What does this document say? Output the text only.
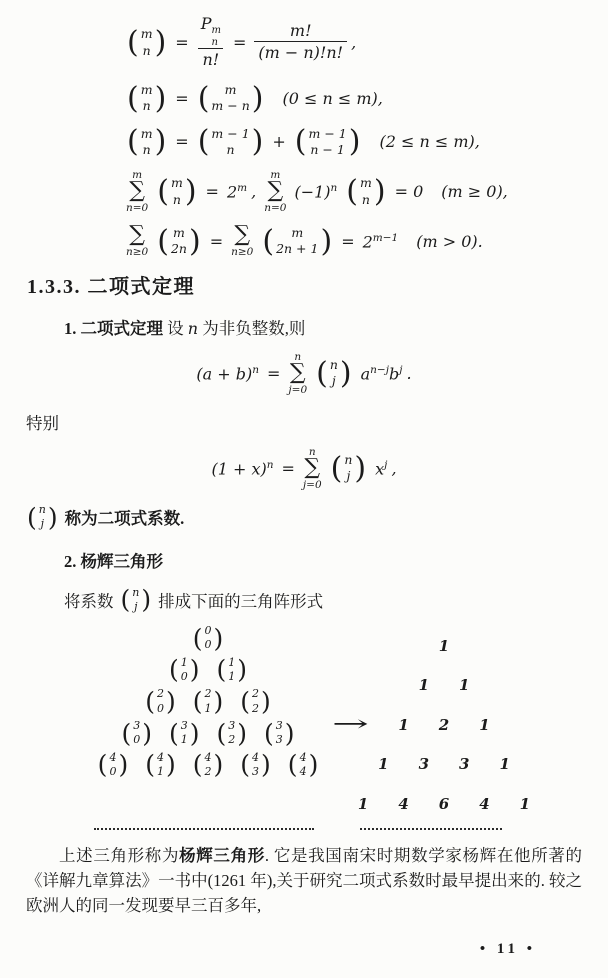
( m
n ) = P m
n
n! = $\frac{m!}{(m - n)!n!}$ ,
( m
n ) = ( m
m − n ) (0 ≤ n ≤ m),
( m
n ) = ( m − 1
n ) + ( m − 1
n − 1 ) (2 ≤ n ≤ m),
m
∑
n=0 ( m
n ) = $2^m$ ,
m
∑
n=0
$(-1)^n$ ( m
n ) = 0 (m ≥ 0),
∑
n≥0 ( m
2n ) = ∑
n≥0 ( m
2n + 1 ) = $2^{m-1}$ (m > 0).
1.3.3. 二项式定理
1. 二项式定理 设 n 为非负整数,则
$(a + b)^n$ =
n
∑
j=0 ( n
j ) $a^{n-j}b^j$ .
特别
$(1 + x)^n$ =
n
∑
j=0 ( n
j ) $x^j$ ,
( n
j ) 称为二项式系数.
2. 杨辉三角形
将系数 ( n
j ) 排成下面的三角阵形式
( 0
0 )
( 1
0 ) ( 1
1 )
( 2
0 ) ( 2
1 ) ( 2
2 )
( 3
0 ) ( 3
1 ) ( 3
2 ) ( 3
3 )
( 4
0 ) ( 4
1 ) ( 4
2 ) ( 4
3 ) ( 4
4 )
→
1
1 1
1 2 1
1 3 3 1
1 4 6 4 1

上述三角形称为杨辉三角形. 它是我国南宋时期数学家杨辉在他所著的《详解九章算法》一书中(1261 年),关于研究二项式系数时最早提出来的. 较之欧洲人的同一发现要早三百多年,

• 11 •
